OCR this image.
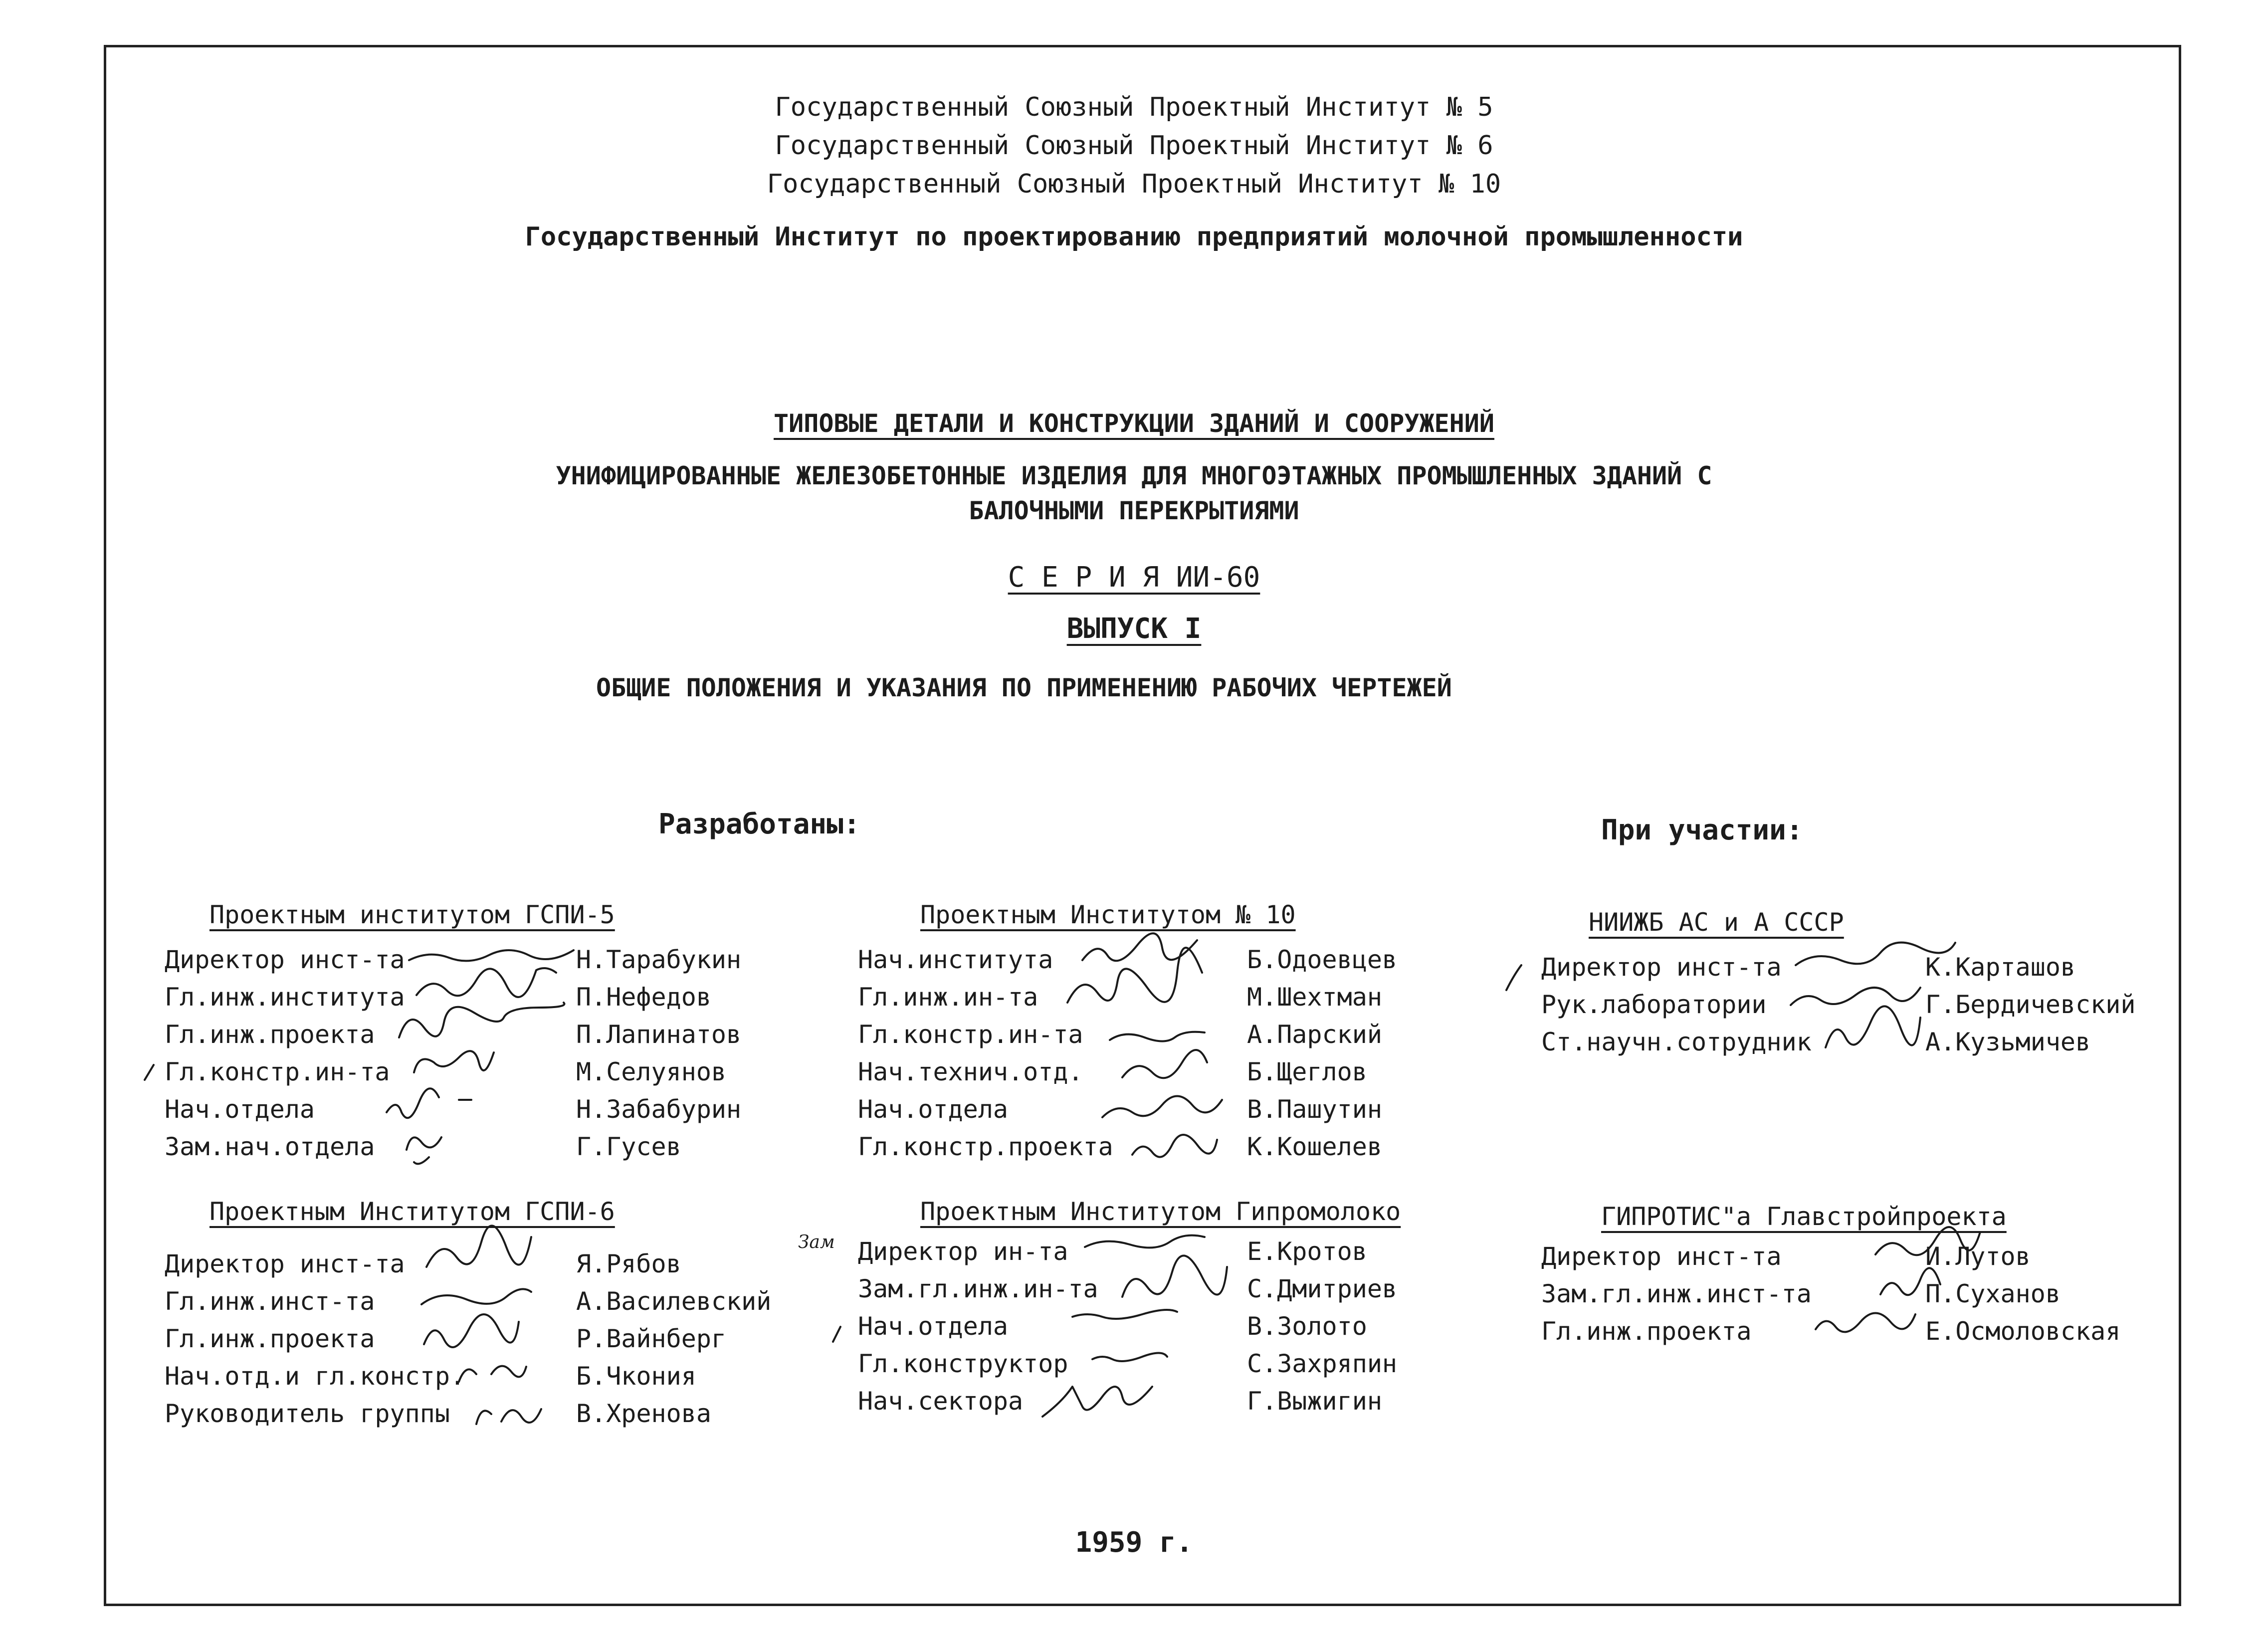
Государственный Союзный Проектный Институт № 5
Государственный Союзный Проектный Институт № 6
Государственный Союзный Проектный Институт № 10
Государственный Институт по проектированию предприятий молочной промышленности
ТИПОВЫЕ ДЕТАЛИ И КОНСТРУКЦИИ ЗДАНИЙ И СООРУЖЕНИЙ
УНИФИЦИРОВАННЫЕ ЖЕЛЕЗОБЕТОННЫЕ ИЗДЕЛИЯ ДЛЯ МНОГОЭТАЖНЫХ ПРОМЫШЛЕННЫХ ЗДАНИЙ С
БАЛОЧНЫМИ ПЕРЕКРЫТИЯМИ
С Е Р И Я ИИ-60
ВЫПУСК I
ОБЩИЕ ПОЛОЖЕНИЯ И УКАЗАНИЯ ПО ПРИМЕНЕНИЮ РАБОЧИХ ЧЕРТЕЖЕЙ
Разработаны:	При участии:
Проектным институтом ГСПИ-5
Директор инст-та	Н.Тарабукин
Гл.инж.института	П.Нефедов
Гл.инж.проекта	П.Лапинатов
Гл.констр.ин-та	М.Селуянов
Нач.отдела	Н.Забабурин
Зам.нач.отдела	Г.Гусев
Проектным Институтом ГСПИ-6
Директор инст-та	Я.Рябов
Гл.инж.инст-та	А.Василевский
Гл.инж.проекта	Р.Вайнберг
Нач.отд.и гл.констр.	Б.Чкония
Руководитель группы	В.Хренова
Проектным Институтом № 10
Нач.института	Б.Одоевцев
Гл.инж.ин-та	М.Шехтман
Гл.констр.ин-та	А.Парский
Нач.технич.отд.	Б.Щеглов
Нач.отдела	В.Пашутин
Гл.констр.проекта	К.Кошелев
Проектным Институтом Гипромолоко
Зам Директор ин-та	Е.Кротов
Зам.гл.инж.ин-та	С.Дмитриев
Нач.отдела	В.Золото
Гл.конструктор	С.Захряпин
Нач.сектора	Г.Выжигин
НИИЖБ АС и А СССР
Директор инст-та	К.Карташов
Рук.лаборатории	Г.Бердичевский
Ст.научн.сотрудник	А.Кузьмичев
ГИПРОТИС"а Главстройпроекта
Директор инст-та	И.Лутов
Зам.гл.инж.инст-та	П.Суханов
Гл.инж.проекта	Е.Осмоловская
1959 г.
